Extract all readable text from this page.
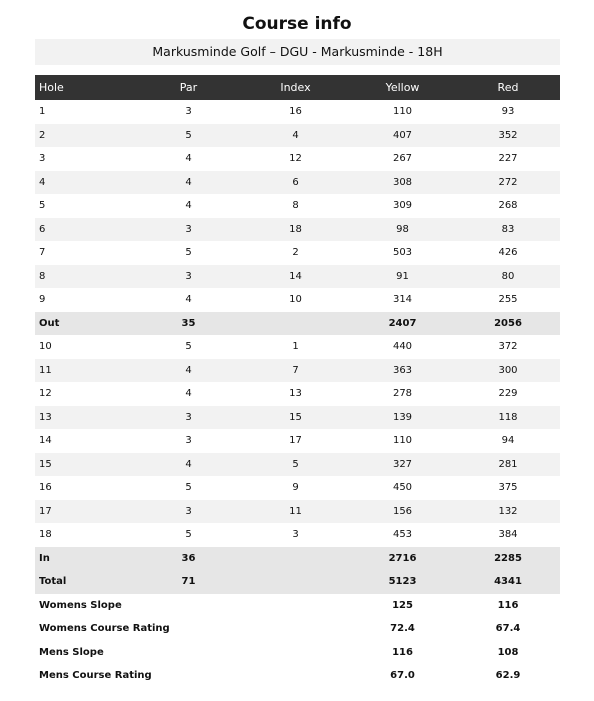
Course info
Markusminde Golf – DGU - Markusminde - 18H
Hole	Par	Index	Yellow	Red
1	3	16	110	93
2	5	4	407	352
3	4	12	267	227
4	4	6	308	272
5	4	8	309	268
6	3	18	98	83
7	5	2	503	426
8	3	14	91	80
9	4	10	314	255
Out	35		2407	2056
10	5	1	440	372
11	4	7	363	300
12	4	13	278	229
13	3	15	139	118
14	3	17	110	94
15	4	5	327	281
16	5	9	450	375
17	3	11	156	132
18	5	3	453	384
In	36		2716	2285
Total	71		5123	4341
Womens Slope			125	116
Womens Course Rating			72.4	67.4
Mens Slope			116	108
Mens Course Rating			67.0	62.9
